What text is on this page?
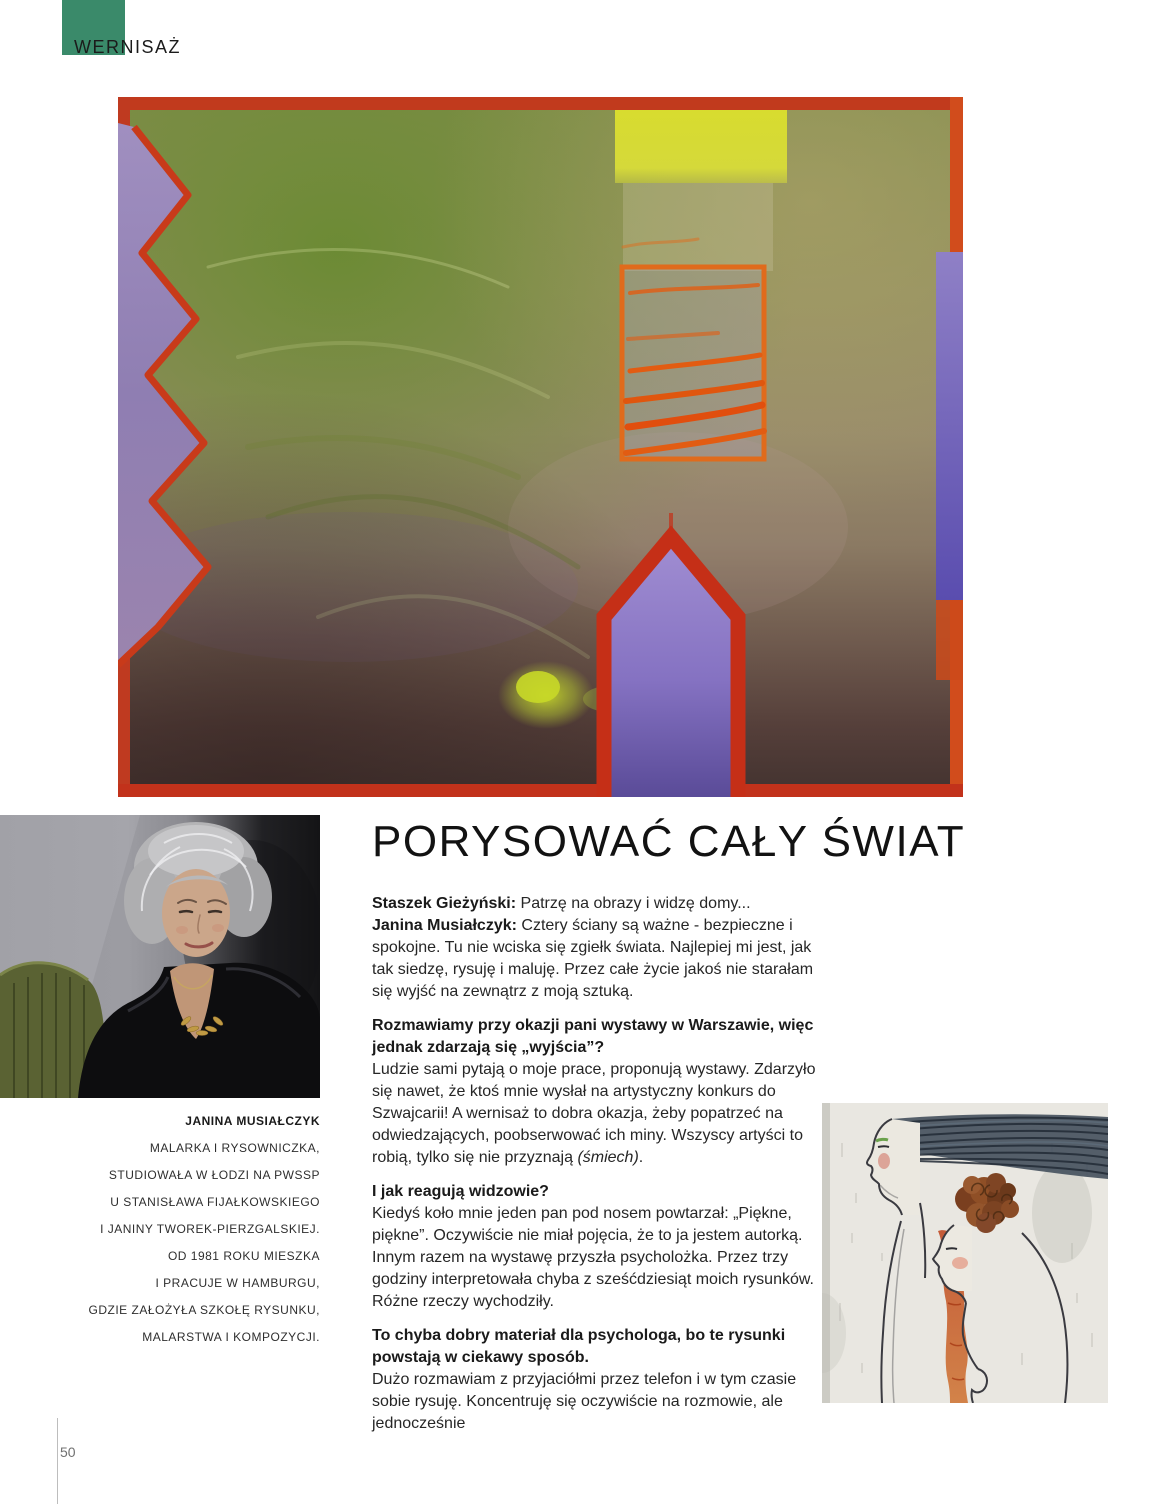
WERNISAŻ
PORYSOWAĆ CAŁY ŚWIAT

Staszek Gieżyński: Patrzę na obrazy i widzę domy...

Janina Musiałczyk: Cztery ściany są ważne - bezpieczne i spokojne. Tu nie wciska się zgiełk świata. Najlepiej mi jest, jak tak siedzę, rysuję i maluję. Przez całe życie jakoś nie starałam się wyjść na zewnątrz z moją sztuką.

Rozmawiamy przy okazji pani wystawy w Warszawie, więc jednak zdarzają się „wyjścia”?

Ludzie sami pytają o moje prace, proponują wystawy. Zdarzyło się nawet, że ktoś mnie wysłał na artystyczny konkurs do Szwajcarii! A wernisaż to dobra okazja, żeby popatrzeć na odwiedzających, poobserwować ich miny. Wszyscy artyści to robią, tylko się nie przyznają (śmiech).

I jak reagują widzowie?

Kiedyś koło mnie jeden pan pod nosem powtarzał: „Piękne, piękne”. Oczywiście nie miał pojęcia, że to ja jestem autorką. Innym razem na wystawę przyszła psycholożka. Przez trzy godziny interpretowała chyba z sześćdziesiąt moich rysunków. Różne rzeczy wychodziły.

To chyba dobry materiał dla psychologa, bo te rysunki powstają w ciekawy sposób.

Dużo rozmawiam z przyjaciółmi przez telefon i w tym czasie sobie rysuję. Koncentruję się oczywiście na rozmowie, ale jednocześnie

JANINA MUSIAŁCZYK
MALARKA I RYSOWNICZKA,
STUDIOWAŁA W ŁODZI NA PWSSP
U STANISŁAWA FIJAŁKOWSKIEGO
I JANINY TWOREK-PIERZGALSKIEJ.
OD 1981 ROKU MIESZKA
I PRACUJE W HAMBURGU,
GDZIE ZAŁOŻYŁA SZKOŁĘ RYSUNKU,
MALARSTWA I KOMPOZYCJI.
50
